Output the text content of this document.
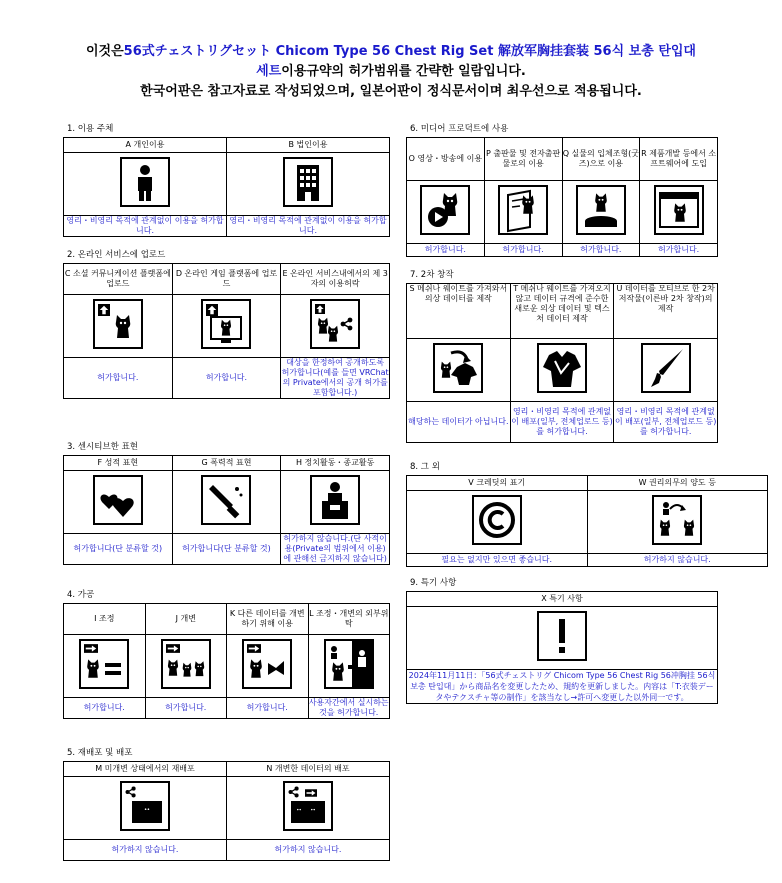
이것은56式チェストリグセット Chicom Type 56 Chest Rig Set 解放军胸挂套装 56식 보총 탄입대
세트이용규약의 허가범위를 간략한 일람입니다.
한국어판은 참고자료로 작성되었으며, 일본어판이 정식문서이며 최우선으로 적용됩니다.
1. 이용 주체
A 개인이용	B 법인이용

영리・비영리 목적에 관계없이 이용을 허가합니다.	영리・비영리 목적에 관계없이 이용을 허가합니다.
2. 온라인 서비스에 업로드
C 소셜 커뮤니케이션 플랫폼에 업로드	D 온라인 게임 플랫폼에 업로드	E 온라인 서비스내에서의 제 3자의 이용허락

허가합니다.	허가합니다.	대상을 한정하여 공개하도록 허가합니다(예를 들면 VRChat의 Private에서의 공개 허가를 포함합니다.)
3. 센시티브한 표현
F 성적 표현	G 폭력적 표현	H 정치활동・종교활동

허가합니다(단 분류할 것)	허가합니다(단 분류할 것)	허가하지 않습니다.(단 사적이용(Private의 범위에서 이용)에 관해선 금지하지 않습니다)
4. 가공
I 조정	J 개변	K 다른 데이터를 개변하기 위해 이용	L 조정・개변의 외부위탁

허가합니다.	허가합니다.	허가합니다.	사용자간에서 실시하는 것을 허가합니다.
5. 재배포 및 배포
M 미개변 상태에서의 재배포	N 개변한 데이터의 배포

허가하지 않습니다.	허가하지 않습니다.
6. 미디어 프로덕트에 사용
O 영상・방송에 이용	P 출판물 및 전자출판물로의 이용	Q 실물의 입체조형(굿즈)으로 이용	R 제품개발 등에서 소프트웨어에 도입

허가합니다.	허가합니다.	허가합니다.	허가합니다.
7. 2차 창작
S 메쉬나 웨이트를 가져와서 의상 데이터를 제작	T 메쉬나 웨이트를 가져오지 않고 데이터 규격에 준수한 새로운 의상 데이터 및 텍스처 데이터 제작	U 데이터를 모티브로 한 2차 저작물(이른바 2차 창작)의 제작

해당하는 데이터가 아닙니다.	영리・비영리 목적에 관계없이 배포(일부, 전체업로드 등)를 허가합니다.	영리・비영리 목적에 관계없이 배포(일부, 전체업로드 등)를 허가합니다.
8. 그 외
V 크레딧의 표기	W 권리의무의 양도 등

필요는 없지만 있으면 좋습니다.	허가하지 않습니다.
9. 특기 사항
X 특기 사항

2024年11月11日：「56式チェストリグ Chicom Type 56 Chest Rig 56冲胸挂 56식 보총 탄입대」から商品名を変更したため、規約を更新しました。内容は「T:衣装データやテクスチャ等の制作」を該当なし→許可へ変更した以外同一です。
